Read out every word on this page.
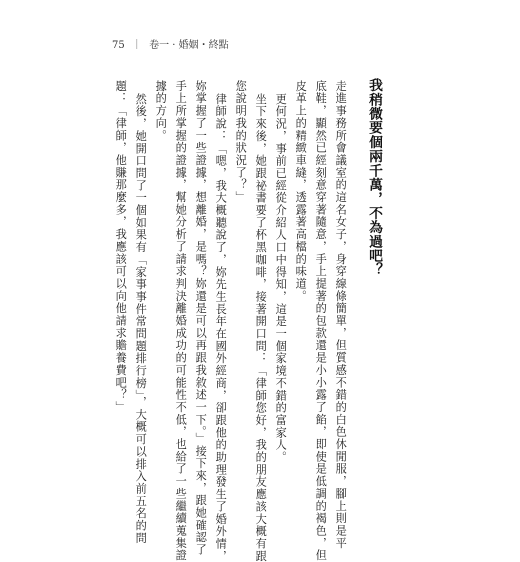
75 ｜ 卷一 · 婚姻・終點
我稍微要個兩千萬，不為過吧？
走進事務所會議室的這名女子，身穿線條簡單，但質感不錯的白色休閒服，腳上則是平
底鞋，顯然已經刻意穿著隨意，手上提著的包款還是小小露了餡，即使是低調的褐色，但
皮革上的精緻車縫，透露著高檔的味道。
更何況，事前已經從介紹人口中得知，這是一個家境不錯的富家人。
坐下來後，她跟祕書要了杯黑咖啡，接著開口問：「律師您好，我的朋友應該大概有跟
您說明我的狀況了？」
律師說：「嗯，我大概聽說了，妳先生長年在國外經商，卻跟他的助理發生了婚外情，
妳掌握了一些證據，想離婚，是嗎？妳還是可以再跟我敘述一下。」接下來，跟她確認了
手上所掌握的證據，幫她分析了請求判決離婚成功的可能性不低，也給了一些繼續蒐集證
據的方向。
然後，她開口問了一個如果有「家事事件常問題排行榜」，大概可以排入前五名的問
題：「律師，他賺那麼多，我應該可以向他請求贍養費吧？」
